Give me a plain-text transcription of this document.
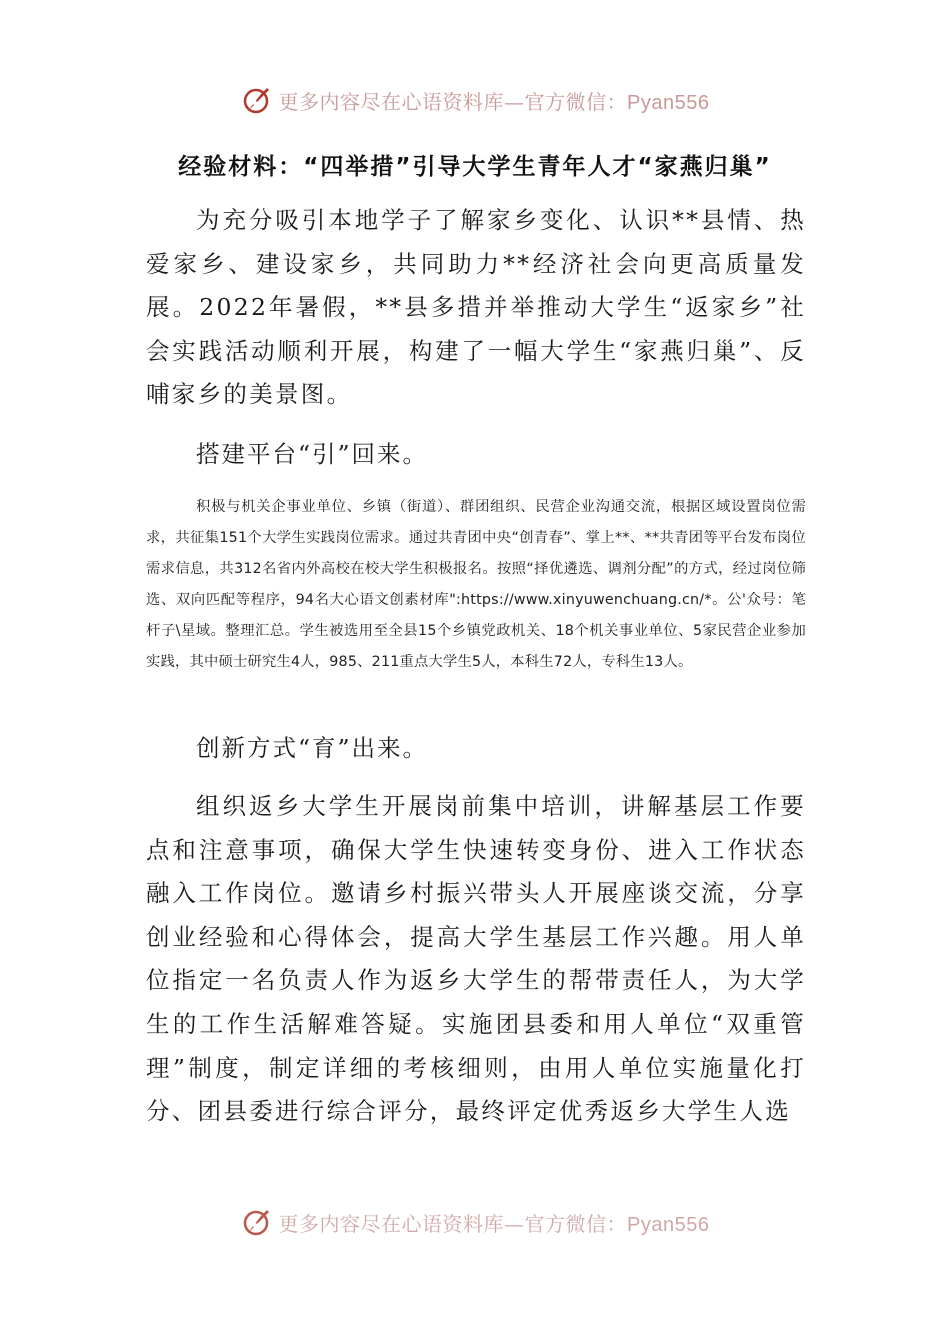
更多内容尽在心语资料库—官方微信：Pyan556
经验材料：“四举措”引导大学生青年人才“家燕归巢”

为充分吸引本地学子了解家乡变化、认识**县情、热爱家乡、建设家乡，共同助力**经济社会向更高质量发展。2022年暑假，**县多措并举推动大学生“返家乡”社会实践活动顺利开展，构建了一幅大学生“家燕归巢”、反哺家乡的美景图。

搭建平台“引”回来。

积极与机关企事业单位、乡镇（街道）、群团组织、民营企业沟通交流，根据区域设置岗位需求，共征集151个大学生实践岗位需求。通过共青团中央“创青春”、掌上**、**共青团等平台发布岗位需求信息，共312名省内外高校在校大学生积极报名。按照“择优遴选、调剂分配”的方式，经过岗位筛选、双向匹配等程序，94名大心语文创素材库":https://www.xinyuwenchuang.cn/*。公'众号：笔杆子\星域。整理汇总。学生被选用至全县15个乡镇党政机关、18个机关事业单位、5家民营企业参加实践，其中硕士研究生4人，985、211重点大学生5人，本科生72人，专科生13人。

创新方式“育”出来。

组织返乡大学生开展岗前集中培训，讲解基层工作要点和注意事项，确保大学生快速转变身份、进入工作状态融入工作岗位。邀请乡村振兴带头人开展座谈交流，分享创业经验和心得体会，提高大学生基层工作兴趣。用人单位指定一名负责人作为返乡大学生的帮带责任人，为大学生的工作生活解难答疑。实施团县委和用人单位“双重管理”制度，制定详细的考核细则，由用人单位实施量化打分、团县委进行综合评分，最终评定优秀返乡大学生人选

更多内容尽在心语资料库—官方微信：Pyan556
